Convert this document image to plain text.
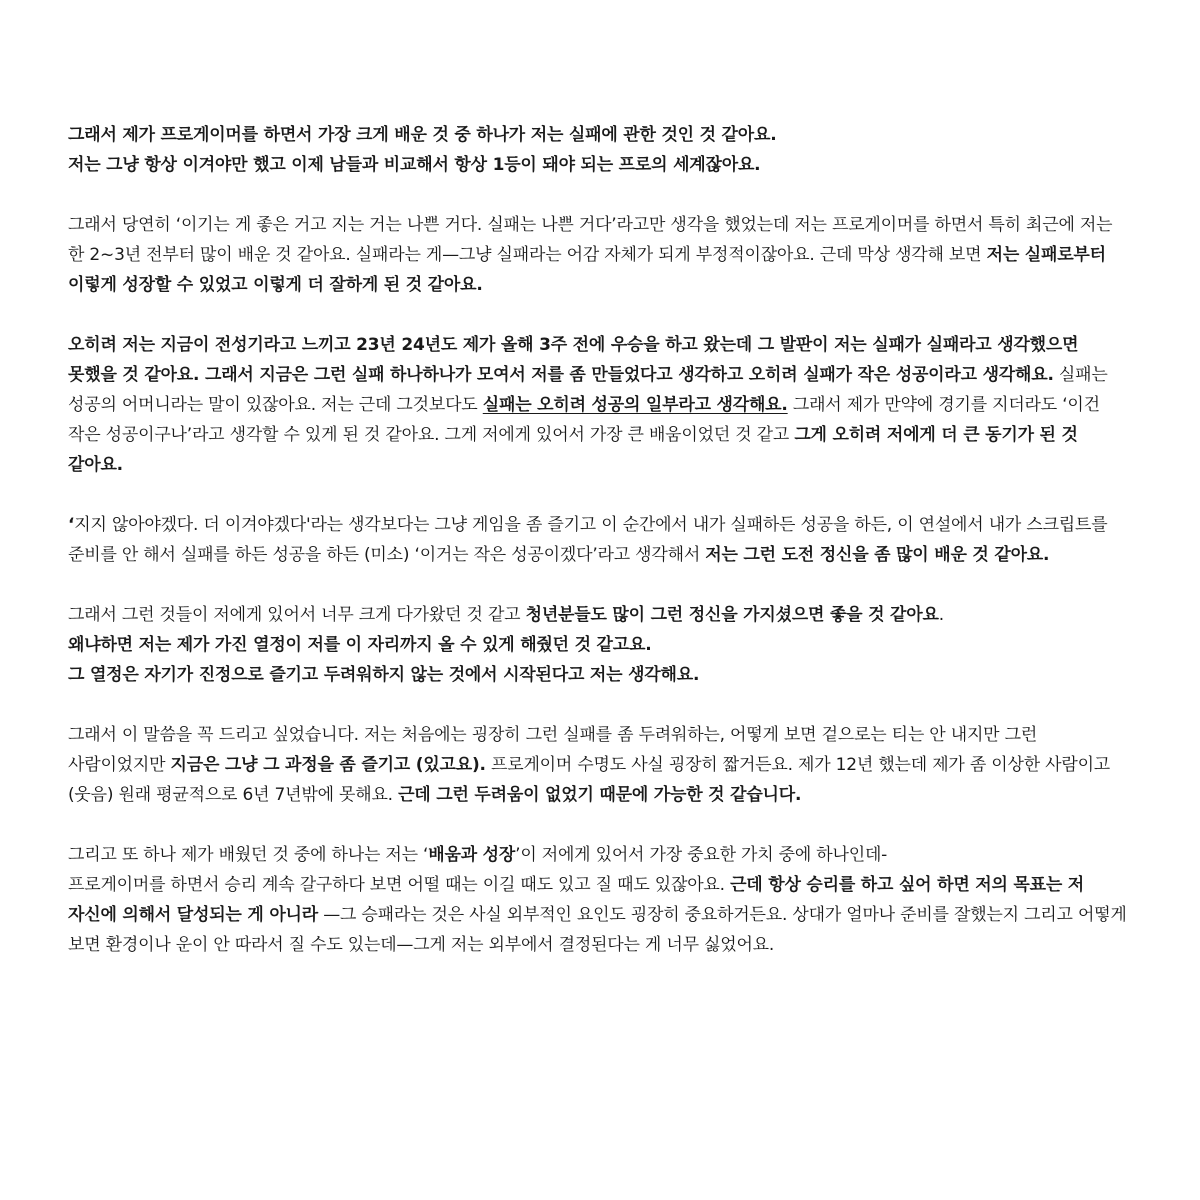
그래서 제가 프로게이머를 하면서 가장 크게 배운 것 중 하나가 저는 실패에 관한 것인 것 같아요.
저는 그냥 항상 이겨야만 했고 이제 남들과 비교해서 항상 1등이 돼야 되는 프로의 세계잖아요.

그래서 당연히 ‘이기는 게 좋은 거고 지는 거는 나쁜 거다. 실패는 나쁜 거다’라고만 생각을 했었는데 저는 프로게이머를 하면서 특히 최근에 저는 한 2~3년 전부터 많이 배운 것 같아요. 실패라는 게—그냥 실패라는 어감 자체가 되게 부정적이잖아요. 근데 막상 생각해 보면 저는 실패로부터 이렇게 성장할 수 있었고 이렇게 더 잘하게 된 것 같아요.

오히려 저는 지금이 전성기라고 느끼고 23년 24년도 제가 올해 3주 전에 우승을 하고 왔는데 그 발판이 저는 실패가 실패라고 생각했으면 못했을 것 같아요. 그래서 지금은 그런 실패 하나하나가 모여서 저를 좀 만들었다고 생각하고 오히려 실패가 작은 성공이라고 생각해요. 실패는 성공의 어머니라는 말이 있잖아요. 저는 근데 그것보다도 실패는 오히려 성공의 일부라고 생각해요. 그래서 제가 만약에 경기를 지더라도 ‘이건 작은 성공이구나’라고 생각할 수 있게 된 것 같아요. 그게 저에게 있어서 가장 큰 배움이었던 것 같고 그게 오히려 저에게 더 큰 동기가 된 것 같아요.

‘지지 않아야겠다. 더 이겨야겠다'라는 생각보다는 그냥 게임을 좀 즐기고 이 순간에서 내가 실패하든 성공을 하든, 이 연설에서 내가 스크립트를 준비를 안 해서 실패를 하든 성공을 하든 (미소) ‘이거는 작은 성공이겠다’라고 생각해서 저는 그런 도전 정신을 좀 많이 배운 것 같아요.

그래서 그런 것들이 저에게 있어서 너무 크게 다가왔던 것 같고 청년분들도 많이 그런 정신을 가지셨으면 좋을 것 같아요.
왜냐하면 저는 제가 가진 열정이 저를 이 자리까지 올 수 있게 해줬던 것 같고요.
그 열정은 자기가 진정으로 즐기고 두려워하지 않는 것에서 시작된다고 저는 생각해요.

그래서 이 말씀을 꼭 드리고 싶었습니다. 저는 처음에는 굉장히 그런 실패를 좀 두려워하는, 어떻게 보면 겉으로는 티는 안 내지만 그런 사람이었지만 지금은 그냥 그 과정을 좀 즐기고 (있고요). 프로게이머 수명도 사실 굉장히 짧거든요. 제가 12년 했는데 제가 좀 이상한 사람이고 (웃음) 원래 평균적으로 6년 7년밖에 못해요. 근데 그런 두려움이 없었기 때문에 가능한 것 같습니다.

그리고 또 하나 제가 배웠던 것 중에 하나는 저는 ‘배움과 성장’이 저에게 있어서 가장 중요한 가치 중에 하나인데-
프로게이머를 하면서 승리 계속 갈구하다 보면 어떨 때는 이길 때도 있고 질 때도 있잖아요. 근데 항상 승리를 하고 싶어 하면 저의 목표는 저 자신에 의해서 달성되는 게 아니라 —그 승패라는 것은 사실 외부적인 요인도 굉장히 중요하거든요. 상대가 얼마나 준비를 잘했는지 그리고 어떻게 보면 환경이나 운이 안 따라서 질 수도 있는데—그게 저는 외부에서 결정된다는 게 너무 싫었어요.
